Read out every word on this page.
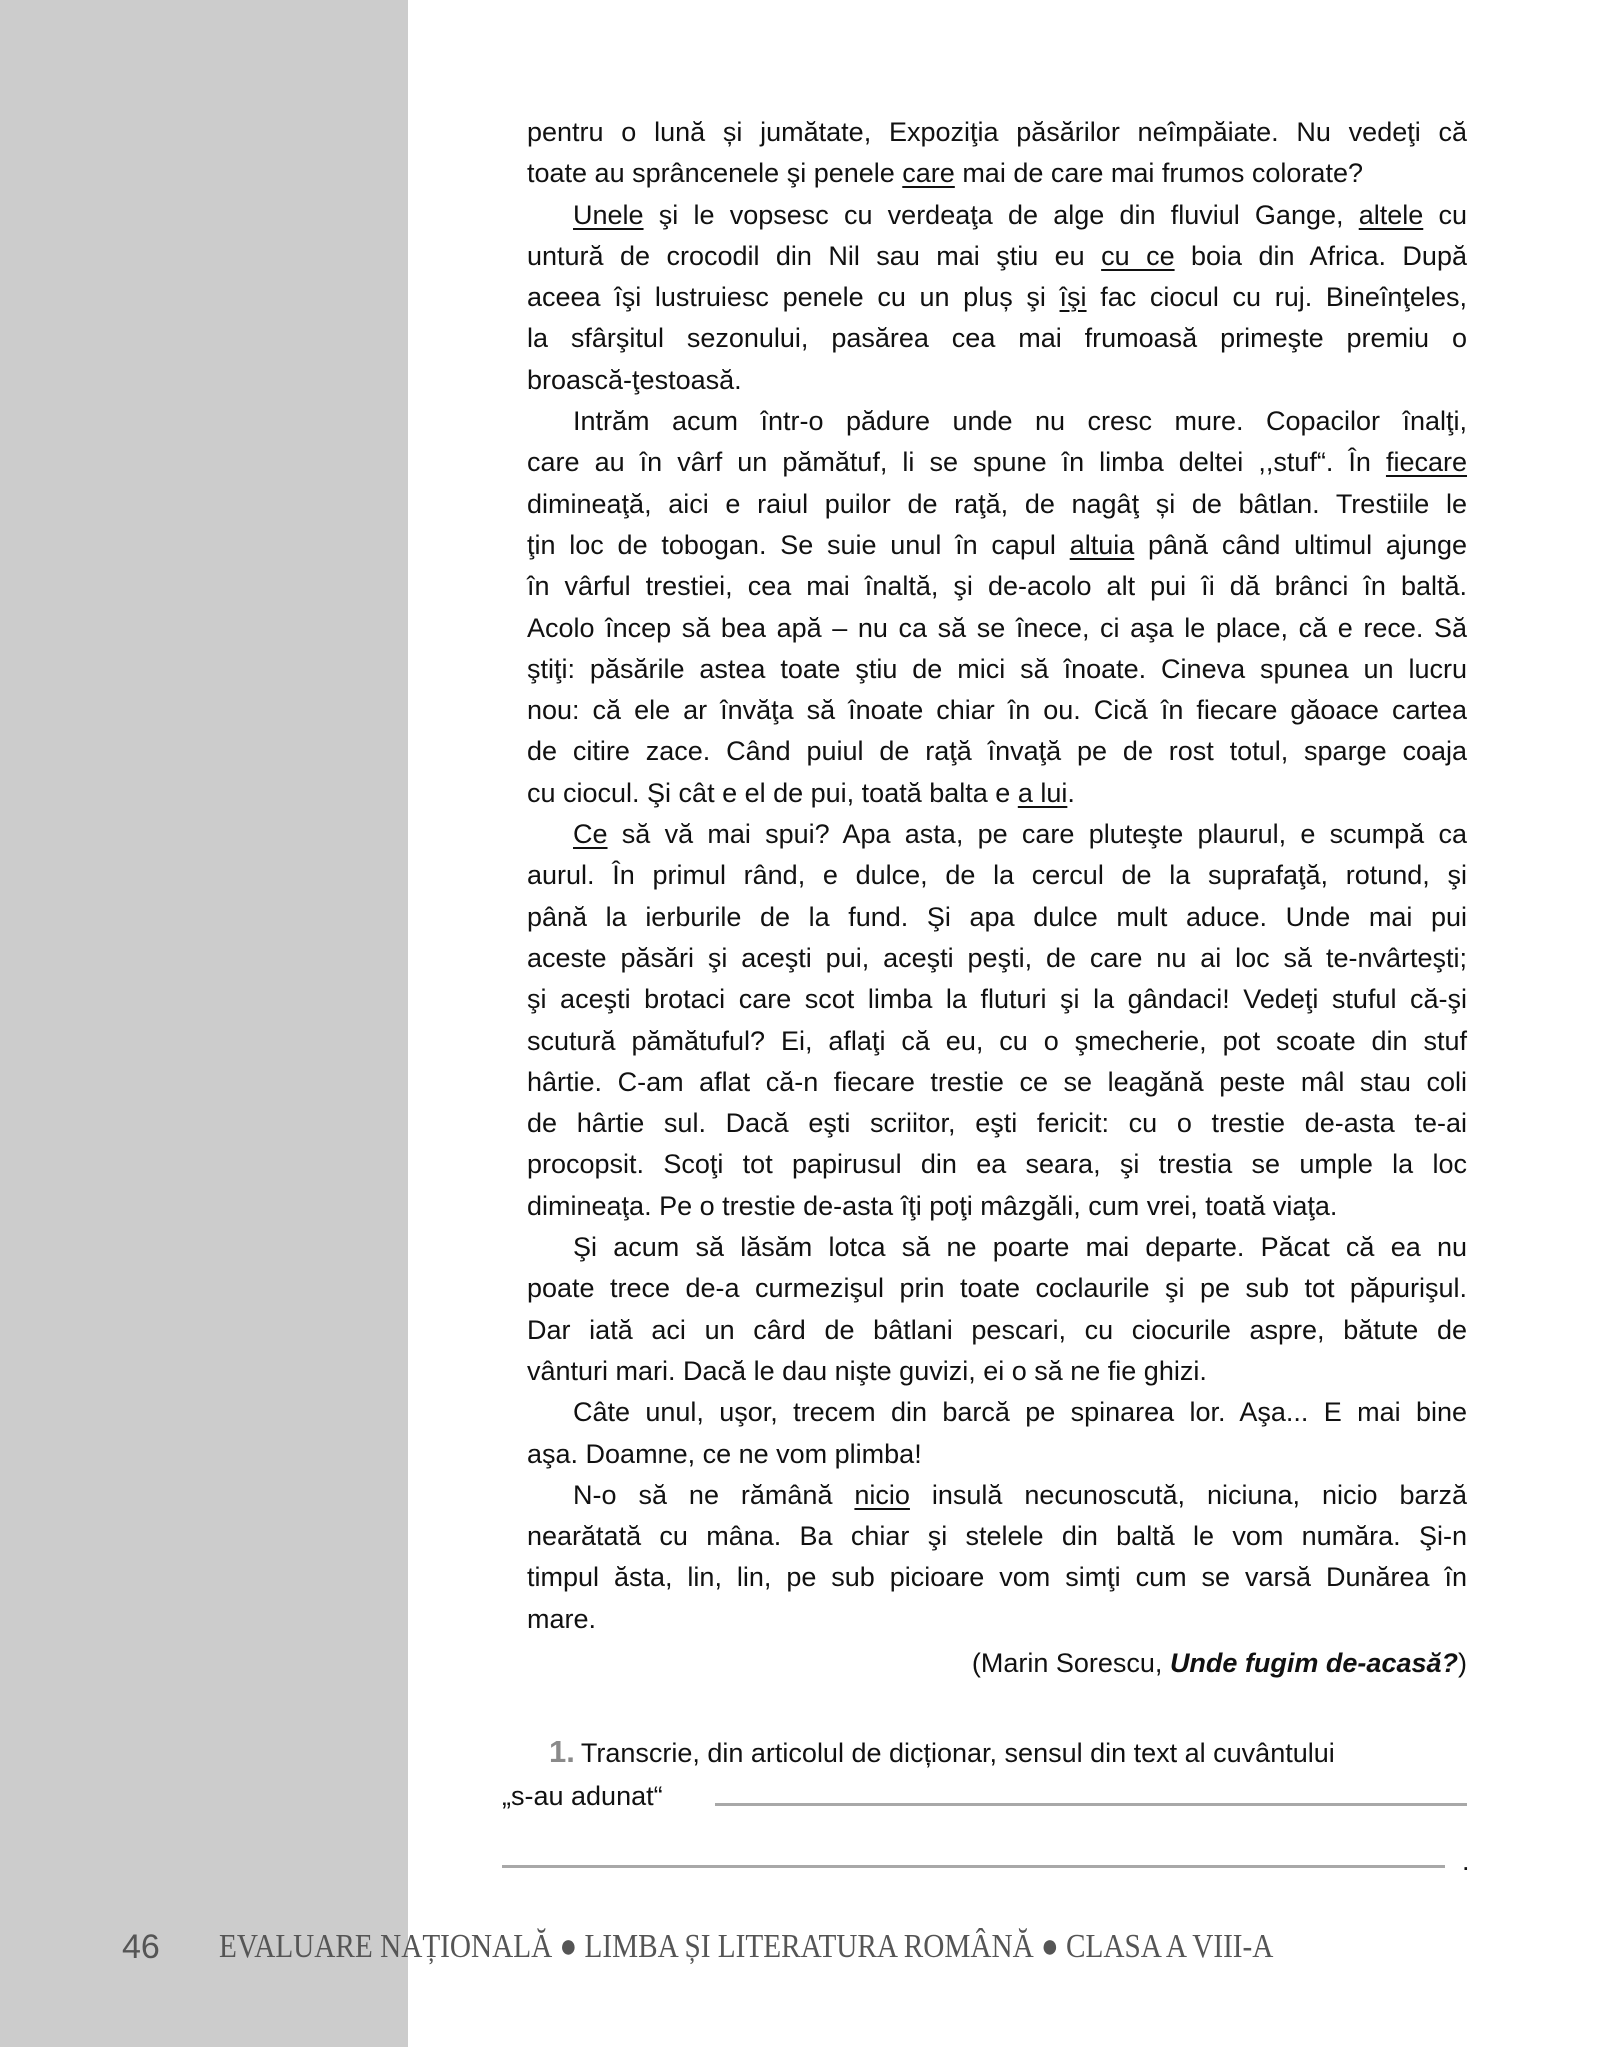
pentru o lună și jumătate, Expoziţia păsărilor neîmpăiate. Nu vedeţi că
toate au sprâncenele şi penele care mai de care mai frumos colorate?
Unele şi le vopsesc cu verdeaţa de alge din fluviul Gange, altele cu
untură de crocodil din Nil sau mai ştiu eu cu ce boia din Africa. După
aceea îşi lustruiesc penele cu un pluș şi îşi fac ciocul cu ruj. Bineînţeles,
la sfârşitul sezonului, pasărea cea mai frumoasă primeşte premiu o
broască-ţestoasă.
Intrăm acum într-o pădure unde nu cresc mure. Copacilor înalţi,
care au în vârf un pămătuf, li se spune în limba deltei ,,stuf“. În fiecare
dimineaţă, aici e raiul puilor de raţă, de nagâţ și de bâtlan. Trestiile le
ţin loc de tobogan. Se suie unul în capul altuia până când ultimul ajunge
în vârful trestiei, cea mai înaltă, şi de-acolo alt pui îi dă brânci în baltă.
Acolo încep să bea apă – nu ca să se înece, ci aşa le place, că e rece. Să
ştiţi: păsările astea toate ştiu de mici să înoate. Cineva spunea un lucru
nou: că ele ar învăţa să înoate chiar în ou. Cică în fiecare găoace cartea
de citire zace. Când puiul de raţă învaţă pe de rost totul, sparge coaja
cu ciocul. Şi cât e el de pui, toată balta e a lui.
Ce să vă mai spui? Apa asta, pe care pluteşte plaurul, e scumpă ca
aurul. În primul rând, e dulce, de la cercul de la suprafaţă, rotund, şi
până la ierburile de la fund. Şi apa dulce mult aduce. Unde mai pui
aceste păsări şi aceşti pui, aceşti peşti, de care nu ai loc să te-nvârteşti;
şi aceşti brotaci care scot limba la fluturi şi la gândaci! Vedeţi stuful că-şi
scutură pămătuful? Ei, aflaţi că eu, cu o şmecherie, pot scoate din stuf
hârtie. C-am aflat că-n fiecare trestie ce se leagănă peste mâl stau coli
de hârtie sul. Dacă eşti scriitor, eşti fericit: cu o trestie de-asta te-ai
procopsit. Scoţi tot papirusul din ea seara, şi trestia se umple la loc
dimineaţa. Pe o trestie de-asta îţi poţi mâzgăli, cum vrei, toată viaţa.
Şi acum să lăsăm lotca să ne poarte mai departe. Păcat că ea nu
poate trece de-a curmezişul prin toate coclaurile şi pe sub tot păpurişul.
Dar iată aci un cârd de bâtlani pescari, cu ciocurile aspre, bătute de
vânturi mari. Dacă le dau nişte guvizi, ei o să ne fie ghizi.
Câte unul, uşor, trecem din barcă pe spinarea lor. Aşa... E mai bine
aşa. Doamne, ce ne vom plimba!
N-o să ne rămână nicio insulă necunoscută, niciuna, nicio barză
nearătată cu mâna. Ba chiar şi stelele din baltă le vom număra. Şi-n
timpul ăsta, lin, lin, pe sub picioare vom simţi cum se varsă Dunărea în
mare.
(Marin Sorescu, Unde fugim de-acasă?)
1. Transcrie, din articolul de dicționar, sensul din text al cuvântului
„s-au adunat“
.
46 EVALUARE NAȚIONALĂ ● LIMBA ȘI LITERATURA ROMÂNĂ ● CLASA A VIII-A
